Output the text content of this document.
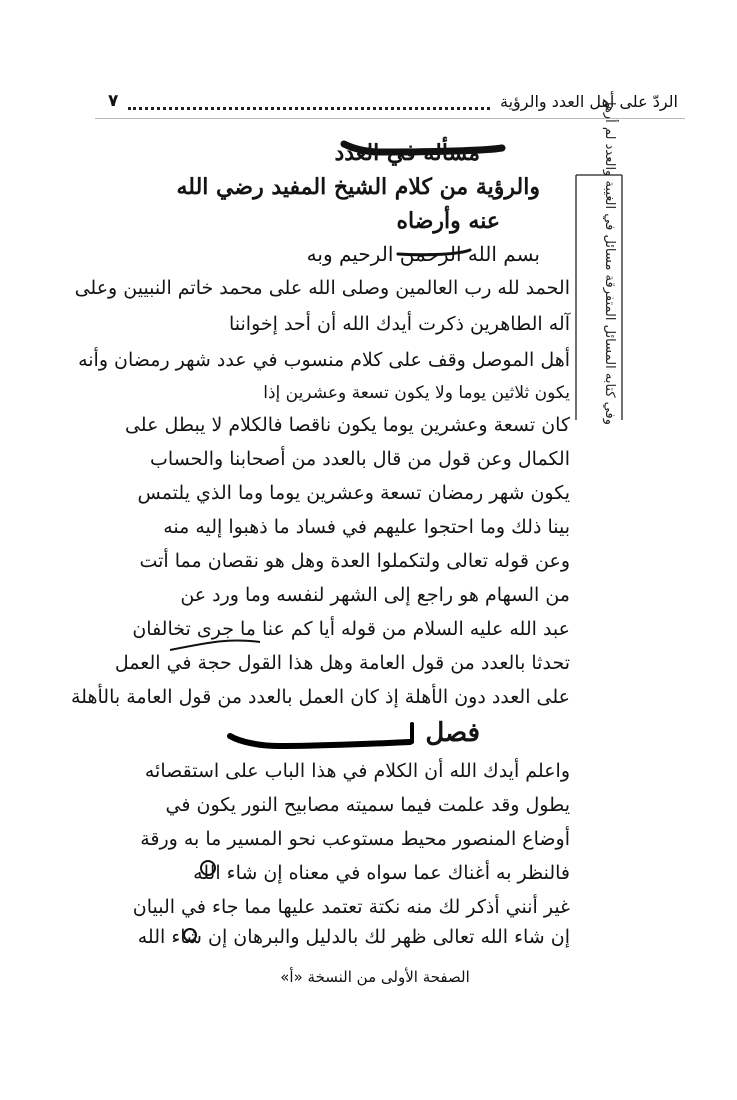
الردّ على أهل العدد والرؤية
٧
مسألة في العدد
والرؤية من كلام الشيخ المفيد رضي الله
عنه وأرضاه
بسم الله الرحمن الرحيم وبه
الحمد لله رب العالمين وصلى الله على محمد خاتم النبيين وعلى
آله الطاهرين ذكرت أيدك الله أن أحد إخواننا
أهل الموصل وقف على كلام منسوب في عدد شهر رمضان وأنه
يكون ثلاثين يوما ولا يكون تسعة وعشرين إذا
كان تسعة وعشرين يوما يكون ناقصا فالكلام لا يبطل على
الكمال وعن قول من قال بالعدد من أصحابنا والحساب
يكون شهر رمضان تسعة وعشرين يوما وما الذي يلتمس
بينا ذلك وما احتجوا عليهم في فساد ما ذهبوا إليه منه
وعن قوله تعالى ولتكملوا العدة وهل هو نقصان مما أتت
من السهام هو راجع إلى الشهر لنفسه وما ورد عن
عبد الله عليه السلام من قوله أيا كم عنا ما جرى تخالفان
تحدثا بالعدد من قول العامة وهل هذا القول حجة في العمل
على العدد دون الأهلة إذ كان العمل بالعدد من قول العامة بالأهلة
فصل
واعلم أيدك الله أن الكلام في هذا الباب على استقصائه
يطول وقد علمت فيما سميته مصابيح النور يكون في
أوضاع المنصور محيط مستوعب نحو المسير ما به ورقة
فالنظر به أغناك عما سواه في معناه إن شاء الله
غير أنني أذكر لك منه نكتة تعتمد عليها مما جاء في البيان
إن شاء الله تعالى ظهر لك بالدليل والبرهان إن شاء الله
وفي كتابه المسائل المتفرقة مسائل في الغيبة والعدد لم أرها
الصفحة الأولى من النسخة «أ»
